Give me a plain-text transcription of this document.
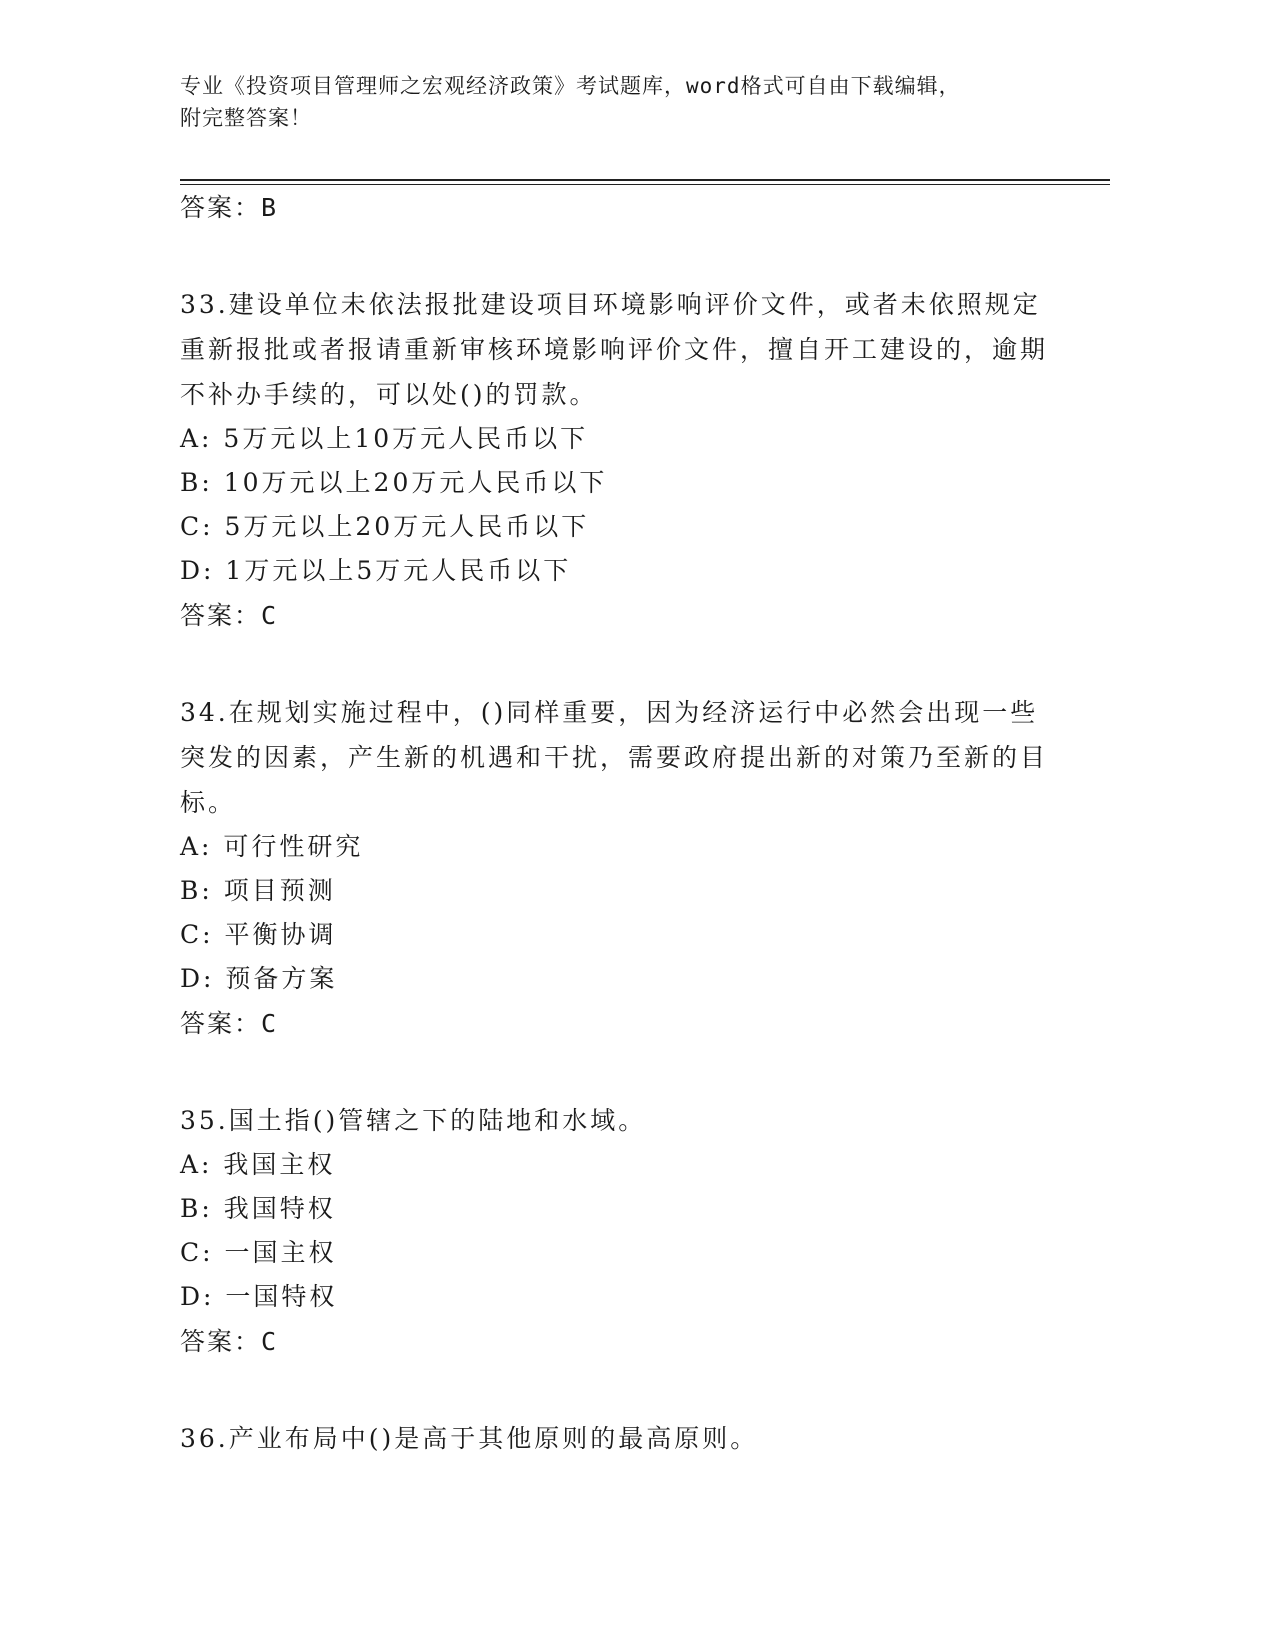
专业《投资项目管理师之宏观经济政策》考试题库，word格式可自由下载编辑，
附完整答案！
答案：B
33.建设单位未依法报批建设项目环境影响评价文件，或者未依照规定重新报批或者报请重新审核环境影响评价文件，擅自开工建设的，逾期不补办手续的，可以处()的罚款。
A: 5万元以上10万元人民币以下
B: 10万元以上20万元人民币以下
C: 5万元以上20万元人民币以下
D: 1万元以上5万元人民币以下
答案：C
34.在规划实施过程中，()同样重要，因为经济运行中必然会出现一些突发的因素，产生新的机遇和干扰，需要政府提出新的对策乃至新的目标。
A: 可行性研究
B: 项目预测
C: 平衡协调
D: 预备方案
答案：C
35.国土指()管辖之下的陆地和水域。
A: 我国主权
B: 我国特权
C: 一国主权
D: 一国特权
答案：C
36.产业布局中()是高于其他原则的最高原则。
